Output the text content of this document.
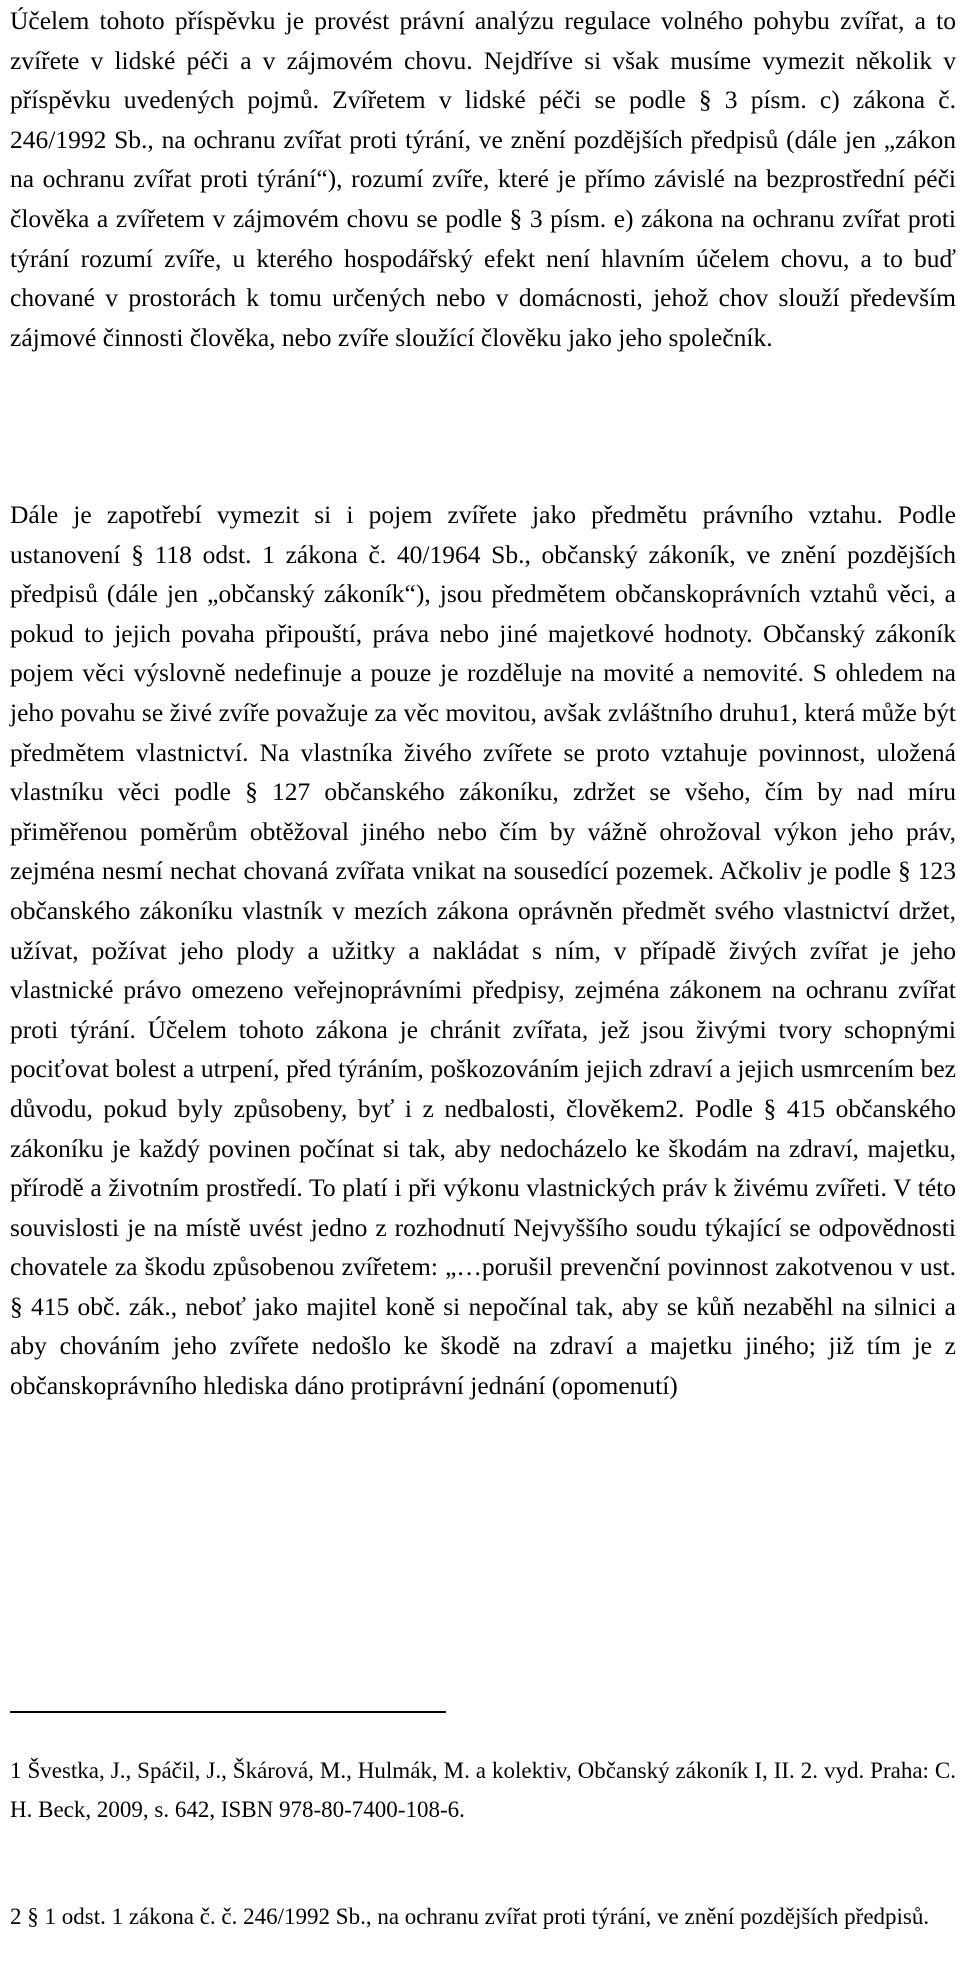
Účelem tohoto příspěvku je provést právní analýzu regulace volného pohybu zvířat, a to zvířete v lidské péči a v zájmovém chovu. Nejdříve si však musíme vymezit několik v příspěvku uvedených pojmů. Zvířetem v lidské péči se podle § 3 písm. c) zákona č. 246/1992 Sb., na ochranu zvířat proti týrání, ve znění pozdějších předpisů (dále jen „zákon na ochranu zvířat proti týrání“), rozumí zvíře, které je přímo závislé na bezprostřední péči člověka a zvířetem v zájmovém chovu se podle § 3 písm. e) zákona na ochranu zvířat proti týrání rozumí zvíře, u kterého hospodářský efekt není hlavním účelem chovu, a to buď chované v prostorách k tomu určených nebo v domácnosti, jehož chov slouží především zájmové činnosti člověka, nebo zvíře sloužící člověku jako jeho společník.

Dále je zapotřebí vymezit si i pojem zvířete jako předmětu právního vztahu. Podle ustanovení § 118 odst. 1 zákona č. 40/1964 Sb., občanský zákoník, ve znění pozdějších předpisů (dále jen „občanský zákoník“), jsou předmětem občanskoprávních vztahů věci, a pokud to jejich povaha připouští, práva nebo jiné majetkové hodnoty. Občanský zákoník pojem věci výslovně nedefinuje a pouze je rozděluje na movité a nemovité. S ohledem na jeho povahu se živé zvíře považuje za věc movitou, avšak zvláštního druhu1, která může být předmětem vlastnictví. Na vlastníka živého zvířete se proto vztahuje povinnost, uložená vlastníku věci podle § 127 občanského zákoníku, zdržet se všeho, čím by nad míru přiměřenou poměrům obtěžoval jiného nebo čím by vážně ohrožoval výkon jeho práv, zejména nesmí nechat chovaná zvířata vnikat na sousedící pozemek. Ačkoliv je podle § 123 občanského zákoníku vlastník v mezích zákona oprávněn předmět svého vlastnictví držet, užívat, požívat jeho plody a užitky a nakládat s ním, v případě živých zvířat je jeho vlastnické právo omezeno veřejnoprávními předpisy, zejména zákonem na ochranu zvířat proti týrání. Účelem tohoto zákona je chránit zvířata, jež jsou živými tvory schopnými pociťovat bolest a utrpení, před týráním, poškozováním jejich zdraví a jejich usmrcením bez důvodu, pokud byly způsobeny, byť i z nedbalosti, člověkem2. Podle § 415 občanského zákoníku je každý povinen počínat si tak, aby nedocházelo ke škodám na zdraví, majetku, přírodě a životním prostředí. To platí i při výkonu vlastnických práv k živému zvířeti. V této souvislosti je na místě uvést jedno z rozhodnutí Nejvyššího soudu týkající se odpovědnosti chovatele za škodu způsobenou zvířetem: „…porušil prevenční povinnost zakotvenou v ust. § 415 obč. zák., neboť jako majitel koně si nepočínal tak, aby se kůň nezaběhl na silnici a aby chováním jeho zvířete nedošlo ke škodě na zdraví a majetku jiného; již tím je z občanskoprávního hlediska dáno protiprávní jednání (opomenutí)

1 Švestka, J., Spáčil, J., Škárová, M., Hulmák, M. a kolektiv, Občanský zákoník I, II. 2. vyd. Praha: C. H. Beck, 2009, s. 642, ISBN 978-80-7400-108-6.

2 § 1 odst. 1 zákona č. č. 246/1992 Sb., na ochranu zvířat proti týrání, ve znění pozdějších předpisů.
